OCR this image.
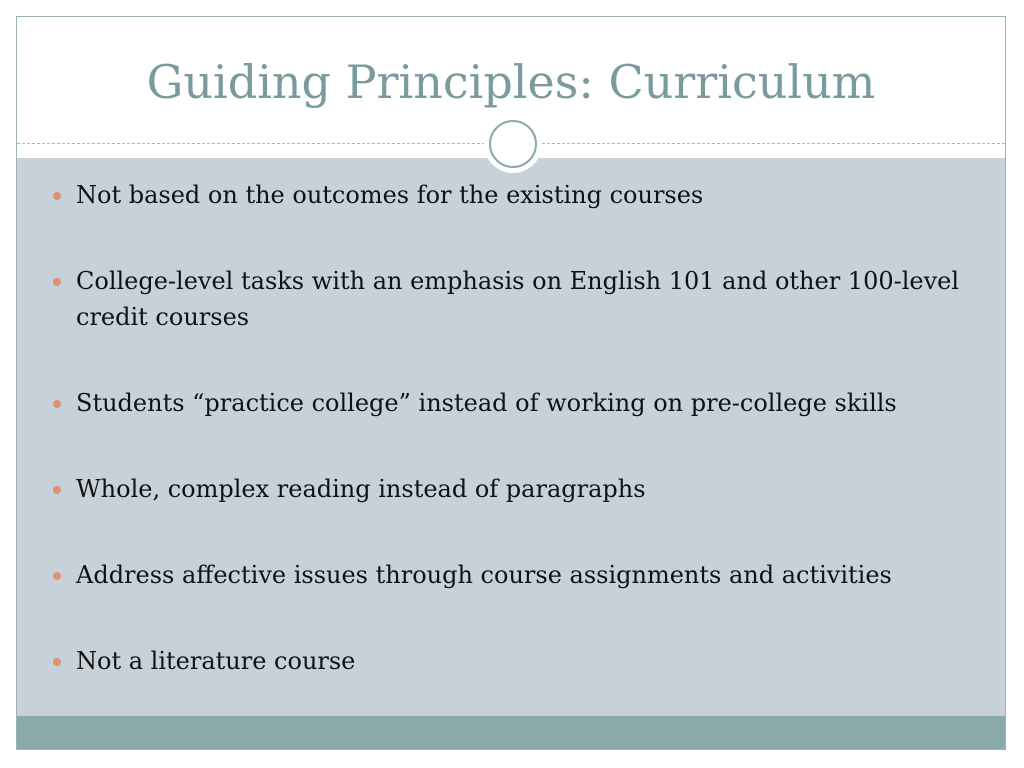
Guiding Principles: Curriculum
Not based on the outcomes for the existing courses
College-level tasks with an emphasis on English 101 and other 100-level credit courses
Students “practice college” instead of working on pre-college skills
Whole, complex reading instead of paragraphs
Address affective issues through course assignments and activities
Not a literature course
